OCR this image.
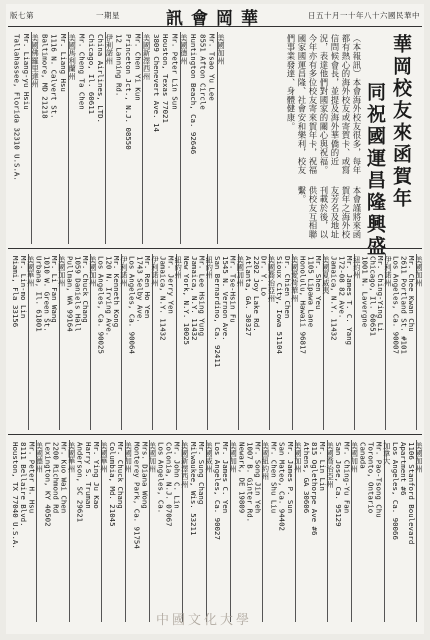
版七第	一期星	訊會岡華	日五十月一十年八十六國民華中
華岡校友來函賀年
同祝國運昌隆興盛
（本報訊）本會海外校友很多，每年都有熱心的海外校友或寄賀卡、或寫信問候會長，並提及海外華僑的近況，表達他們對國家的關心與祝福。今年亦有多位校友寄來賀年卡，祝福國家國運昌隆、社會安和樂利，校友們事業發達、身體健康。
本會謹將來函賀年之海外校友芳名及地址刊載於後，以供校友互相聯繫。
美國加州
Mr. Tsao Yu Lee
8551 Afton Circle
Huntington Beach, Ca. 92646
美國德州
Mr. Peter Lin Sun
Houston, Texas 77021
3809 Chenevert Ave. 14
美國新澤西州
Mr. Chen Yi Kun
Princeton Jct., N.J. 08550
12 Lanning Rd.
伊利諾州
China Airlines, LTD.
Chicago, Il. 60611
Mr. Cheng Ta Chen
美國馬利蘭州
Mr. Liang Hsu
1116 N. Calvert St.
Baltimore, MD 21218
美國佛羅里達州
Mr. Liang-yu Hsiu
Tallahassee, Florida 32310 U.S.A.
美國加州
Mr. Chee Kwan Chu
2611 Portland St. #101
Los Angeles, Ca. 90007
伊利諾州
Mr. Ching-Ying Li
Chicago, Il. 60651
1001 N. Lavergne
紐約州
Mr. James T. C. Yang
172-08 82 Ave.
Jamaica, N.Y. 11432
美國夏威夷
Mr. Shen Yeu
1105 Lipawa Lane
Honolulu, Hawaii 96817
美國愛荷華州
Dr. Chien Chen
Sioux City, Iowa 51104
美國喬治亞州
Dr. Y. Lo
2202 Joy Lake Rd.
Atlanta, GA. 30327
美國加州
Mr. Tse-Hsin Fu
1545 N. Vernon Ave.
San Bernardino, Ca. 92411
紐約州
Mr. Lee Hsing Yung
Jamaica, N.Y. 11432
New York, N.Y. 10025
紐約州
Mr. Jerry Yen
Jamaica, N.Y. 11432
伊利諾州
Mr. Ren Ho Yen
1743 Selby Ave.
Los Angeles, Ca. 90064
伊利諾州
Mr. Kenneth Kong
120 N. Irving Ave.
Los Angeles, Ca. 90025
美國加州
Mr. Chuck Chang
1059 Daniels Hall
Pullman, WA 99164
美國加州
Mr. Li Fan Wang
1010 W. Green St.
Urbana, Il. 61801
美國華州
Mr. Lin-mo Lin
Miami, Fla 33156
美國加州
1106 Stanford Boulevard
Apartment #6
Los Angeles, Ca. 90066
加拿大
Mr. Pao-Tsong Chu
Toronto, Ontario
Canada
美國加州
Mr. Ching-Yu Fan
San Jose, Ca. 95129
美國喬治亞州
Mr. Lin Lin
815 Oglethorpe Ave #6
Athens, GA 30606
美國加州
Mr. James P. Sun
San Mateo, Ca. 94402
Mr. Chen Shu Liu
美國紐約州
Mr. Song Jin Yeh
1007 B. Ginter Rd.
Newark, DE 19809
美國加州
Mr. James C. Yen
Los Angeles, Ca. 90027
美國威州
Mr. Sung Chang
Milwaukee, Wis. 53211
美國新澤西州
Mr. John C. Lin
Colonia, N.J. 07067
Los Angeles, Ca.
美國加州
Mrs. Diana Wong
Monterey Park, Ca. 91754
美國加州
Mr. Chuck Chang
Columbia, Md. 21045
美國華州
Mr. Ying Ju Kao
Harry S. Truman
Anderson, SC 29621
美國華州
Mr. Kuo Wai Chen
2200 Richmond Rd
Lexington, KY 40502
美國德州
Mr. Peter H. Hsu
8111 Bellaire Blvd.
Houston, TX 77040 U.S.A.
中國文化大學
